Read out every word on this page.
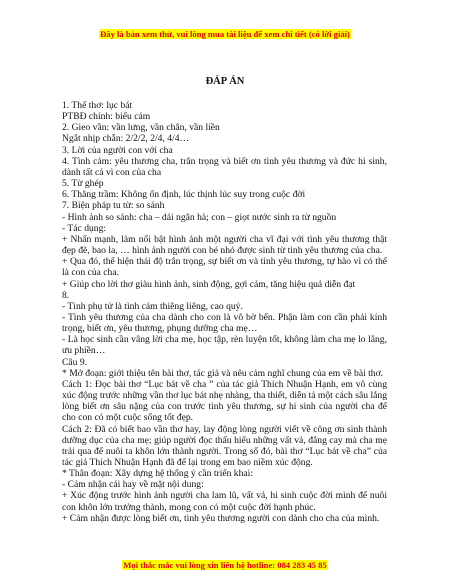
Đây là bản xem thử, vui lòng mua tài liệu để xem chi tiết (có lời giải)
ĐÁP ÁN

1. Thể thơ: lục bát

PTBĐ chính: biểu cảm

2. Gieo vần: vần lưng, vần chân, vần liền

Ngắt nhịp chẵn: 2/2/2, 2/4, 4/4…

3. Lời của người con với cha

4. Tình cảm: yêu thương cha, trân trọng và biết ơn tình yêu thương và đức hi sinh, dành tất cả vì con của cha

5. Từ ghép

6. Thăng trầm: Không ổn định, lúc thịnh lúc suy trong cuộc đời

7. Biện pháp tu từ: so sánh

- Hình ảnh so sánh: cha – dải ngân hà; con – giọt nước sinh ra từ nguồn

- Tác dụng:

+ Nhấn mạnh, làm nổi bật hình ảnh một người cha vĩ đại với tình yêu thương thật đẹp đẽ, bao la, … hình ảnh người con bé nhỏ được sinh từ tình yêu thương của cha.

+ Qua đó, thể hiện thái độ trân trọng, sự biết ơn và tình yêu thương, tự hào vì có thể là con của cha.

+ Giúp cho lời thơ giàu hình ảnh, sinh động, gợi cảm, tăng hiệu quả diễn đạt

8.

- Tình phụ tử là tình cảm thiêng liêng, cao quý.

- Tình yêu thương của cha dành cho con là vô bờ bến. Phận làm con cần phải kính trọng, biết ơn, yêu thương, phụng dưỡng cha mẹ…

- Là học sinh cần vâng lời cha mẹ, học tập, rèn luyện tốt, không làm cha mẹ lo lắng, ưu phiền…

Câu 9.

* Mở đoạn: giới thiệu tên bài thơ, tác giả và nêu cảm nghĩ chung của em về bài thơ.

Cách 1: Đọc bài thơ “Lục bát về cha ” của tác giả Thích Nhuận Hạnh, em vô cùng xúc động trước những vần thơ lục bát nhẹ nhàng, tha thiết, diễn tả một cách sâu lắng lòng biết ơn sâu nặng của con trước tình yêu thương, sự hi sinh của người cha để cho con có một cuộc sống tốt đẹp.

Cách 2: Đã có biết bao vần thơ hay, lay động lòng người viết về công ơn sinh thành dưỡng dục của cha mẹ; giúp người đọc thấu hiểu những vất vả, đắng cay mà cha mẹ trải qua để nuôi ta khôn lớn thành người. Trong số đó, bài thơ “Lục bát về cha” của tác giả Thích Nhuận Hạnh đã để lại trong em bao niềm xúc động.

* Thân đoạn: Xây dựng hệ thống ý cần triển khai:

- Cảm nhận cái hay về mặt nội dung:

+ Xúc động trước hình ảnh người cha lam lũ, vất vả, hi sinh cuộc đời mình để nuôi con khôn lớn trưởng thành, mong con có một cuộc đời hạnh phúc.

+ Cảm nhận được lòng biết ơn, tình yêu thương người con dành cho cha của mình.

Mọi thắc mắc vui lòng xin liên hệ hotline: 084 283 45 85
